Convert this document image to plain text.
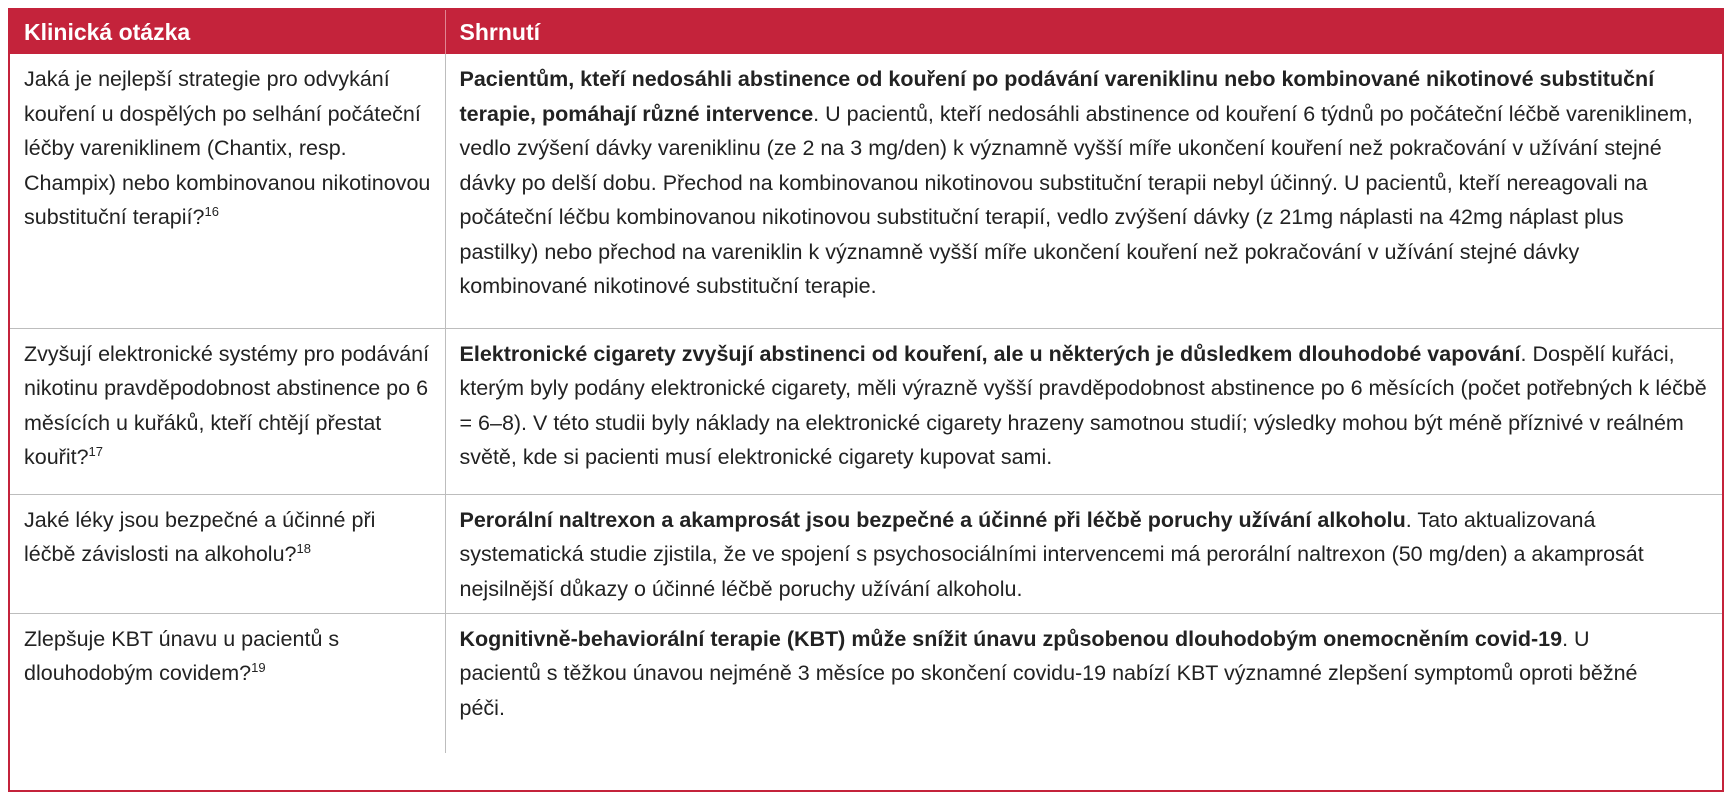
Klinická otázka	Shrnutí
Jaká je nejlepší strategie pro odvykání kouření u dospělých po selhání počáteční léčby vareniklinem (Chantix, resp. Champix) nebo kombinovanou nikotinovou substituční terapií?$^{16}$	Pacientům, kteří nedosáhli abstinence od kouření po podávání vareniklinu nebo kombinované nikotinové substituční terapie, pomáhají různé intervence. U pacientů, kteří nedosáhli abstinence od kouření 6 týdnů po počáteční léčbě vareniklinem, vedlo zvýšení dávky vareniklinu (ze 2 na 3 mg/den) k významně vyšší míře ukončení kouření než pokračování v užívání stejné dávky po delší dobu. Přechod na kombinovanou nikotinovou substituční terapii nebyl účinný. U pacientů, kteří nereagovali na počáteční léčbu kombinovanou nikotinovou substituční terapií, vedlo zvýšení dávky (z 21mg náplasti na 42mg náplast plus pastilky) nebo přechod na vareniklin k významně vyšší míře ukončení kouření než pokračování v užívání stejné dávky kombinované nikotinové substituční terapie.
Zvyšují elektronické systémy pro podávání nikotinu pravděpodobnost abstinence po 6 měsících u kuřáků, kteří chtějí přestat kouřit?$^{17}$	Elektronické cigarety zvyšují abstinenci od kouření, ale u některých je důsledkem dlouhodobé vapování. Dospělí kuřáci, kterým byly podány elektronické cigarety, měli výrazně vyšší pravděpodobnost abstinence po 6 měsících (počet potřebných k léčbě = 6–8). V této studii byly náklady na elektronické cigarety hrazeny samotnou studií; výsledky mohou být méně příznivé v reálném světě, kde si pacienti musí elektronické cigarety kupovat sami.
Jaké léky jsou bezpečné a účinné při léčbě závislosti na alkoholu?$^{18}$	Perorální naltrexon a akamprosát jsou bezpečné a účinné při léčbě poruchy užívání alkoholu. Tato aktualizovaná systematická studie zjistila, že ve spojení s psychosociálními intervencemi má perorální naltrexon (50 mg/den) a akamprosát nejsilnější důkazy o účinné léčbě poruchy užívání alkoholu.
Zlepšuje KBT únavu u pacientů s dlouhodobým covidem?$^{19}$	Kognitivně-behaviorální terapie (KBT) může snížit únavu způsobenou dlouhodobým onemocněním covid-19. U pacientů s těžkou únavou nejméně 3 měsíce po skončení covidu-19 nabízí KBT významné zlepšení symptomů oproti běžné péči.
